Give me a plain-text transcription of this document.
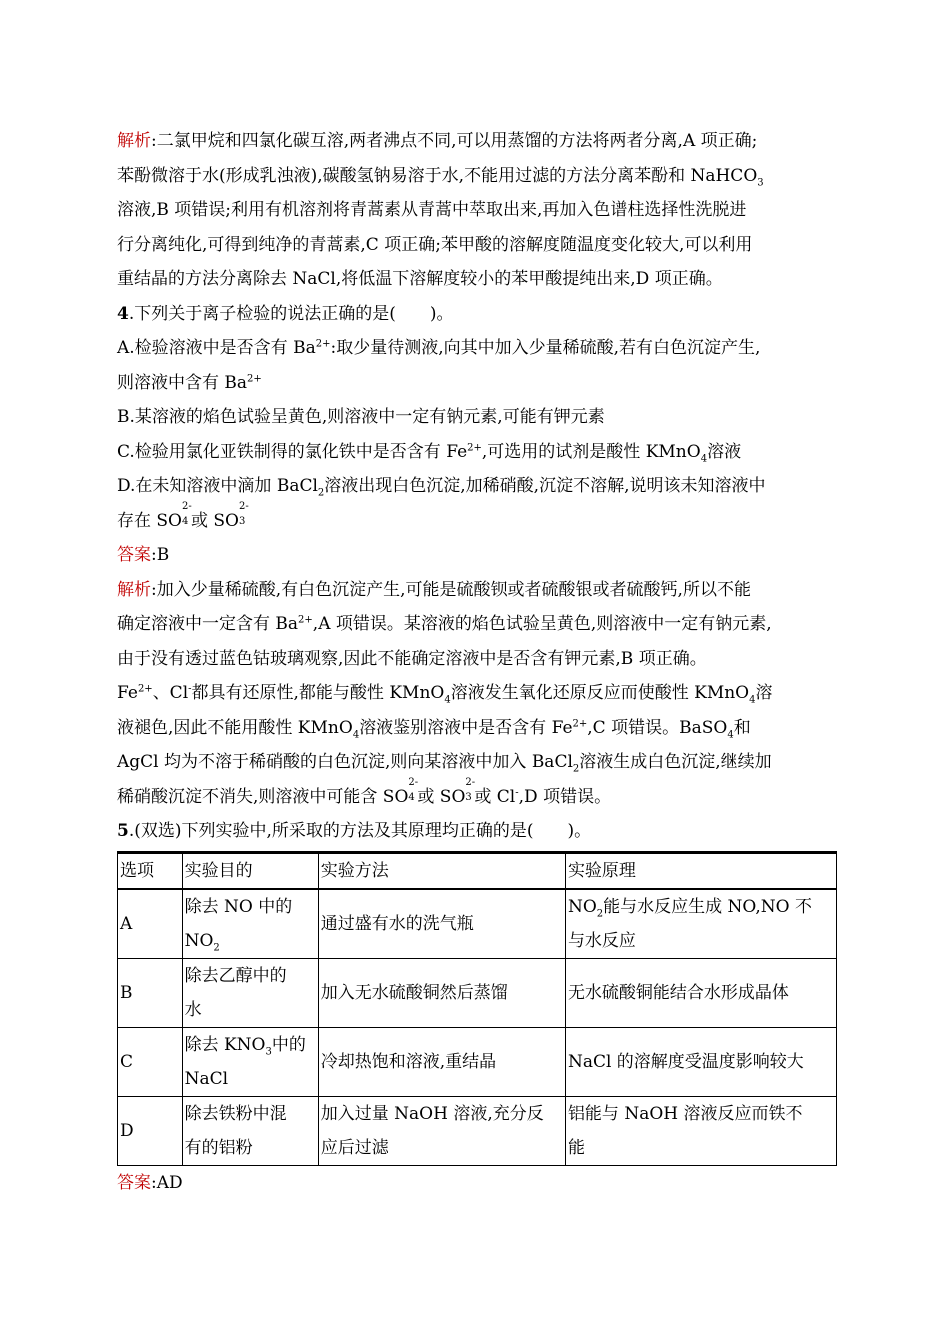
解析:二氯甲烷和四氯化碳互溶,两者沸点不同,可以用蒸馏的方法将两者分离,A 项正确;
苯酚微溶于水(形成乳浊液),碳酸氢钠易溶于水,不能用过滤的方法分离苯酚和 NaHCO$_3$
溶液,B 项错误;利用有机溶剂将青蒿素从青蒿中萃取出来,再加入色谱柱选择性洗脱进
行分离纯化,可得到纯净的青蒿素,C 项正确;苯甲酸的溶解度随温度变化较大,可以利用
重结晶的方法分离除去 NaCl,将低温下溶解度较小的苯甲酸提纯出来,D 项正确。
4.下列关于离子检验的说法正确的是(　　)。
A.检验溶液中是否含有 $Ba^{2+}$:取少量待测液,向其中加入少量稀硫酸,若有白色沉淀产生,
则溶液中含有 $Ba^{2+}$
B.某溶液的焰色试验呈黄色,则溶液中一定有钠元素,可能有钾元素
C.检验用氯化亚铁制得的氯化铁中是否含有 $Fe^{2+}$,可选用的试剂是酸性 KMnO$_4$溶液
D.在未知溶液中滴加 BaCl$_2$溶液出现白色沉淀,加稀硝酸,沉淀不溶解,说明该未知溶液中
存在 SO
2-
4 或 SO
2-
3
答案:B
解析:加入少量稀硫酸,有白色沉淀产生,可能是硫酸钡或者硫酸银或者硫酸钙,所以不能
确定溶液中一定含有 $Ba^{2+},A$ 项错误。某溶液的焰色试验呈黄色,则溶液中一定有钠元素,
由于没有透过蓝色钴玻璃观察,因此不能确定溶液中是否含有钾元素,B 项正确。
$Fe^{2+}$、Cl-都具有还原性,都能与酸性 KMnO$_4$溶液发生氧化还原反应而使酸性 KMnO$_4$溶
液褪色,因此不能用酸性 KMnO$_4$溶液鉴别溶液中是否含有 $Fe^{2+},C$ 项错误。BaSO$_4$和
AgCl 均为不溶于稀硝酸的白色沉淀,则向某溶液中加入 BaCl$_2$溶液生成白色沉淀,继续加
稀硝酸沉淀不消失,则溶液中可能含 SO
2-
4 或 SO
2-
3 或 Cl-,D 项错误。
5.(双选)下列实验中,所采取的方法及其原理均正确的是(　　)。
选项	实验目的	实验方法	实验原理
A	除去 NO 中的
$NO_2$	通过盛有水的洗气瓶	$NO_2$能与水反应生成 NO,NO 不
与水反应
B	除去乙醇中的
水	加入无水硫酸铜然后蒸馏	无水硫酸铜能结合水形成晶体
C	除去 $KNO_3$中的
NaCl	冷却热饱和溶液,重结晶	NaCl 的溶解度受温度影响较大
D	除去铁粉中混
有的铝粉	加入过量 NaOH 溶液,充分反
应后过滤	铝能与 NaOH 溶液反应而铁不
能
答案:AD
